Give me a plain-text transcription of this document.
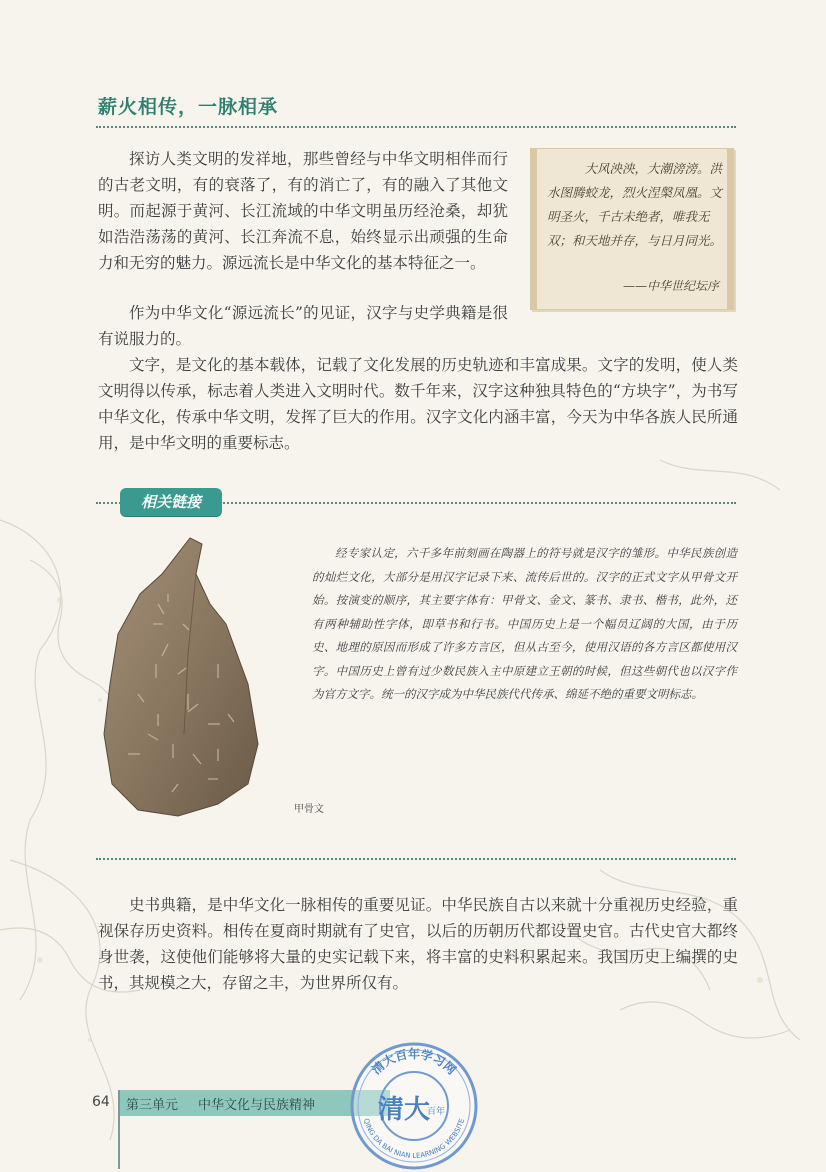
薪火相传，一脉相承

探访人类文明的发祥地，那些曾经与中华文明相伴而行的古老文明，有的衰落了，有的消亡了，有的融入了其他文明。而起源于黄河、长江流域的中华文明虽历经沧桑，却犹如浩浩荡荡的黄河、长江奔流不息，始终显示出顽强的生命力和无穷的魅力。源远流长是中华文化的基本特征之一。

作为中华文化“源远流长”的见证，汉字与史学典籍是很有说服力的。

大风泱泱，大潮滂滂。洪水图腾蛟龙，烈火涅槃凤凰。文明圣火，千古未绝者，唯我无双；和天地并存，与日月同光。

——中华世纪坛序

文字，是文化的基本载体，记载了文化发展的历史轨迹和丰富成果。文字的发明，使人类文明得以传承，标志着人类进入文明时代。数千年来，汉字这种独具特色的“方块字”，为书写中华文化，传承中华文明，发挥了巨大的作用。汉字文化内涵丰富，今天为中华各族人民所通用，是中华文明的重要标志。

相关链接

经专家认定，六千多年前刻画在陶器上的符号就是汉字的雏形。中华民族创造的灿烂文化，大部分是用汉字记录下来、流传后世的。汉字的正式文字从甲骨文开始。按演变的顺序，其主要字体有：甲骨文、金文、篆书、隶书、楷书，此外，还有两种辅助性字体，即草书和行书。中国历史上是一个幅员辽阔的大国，由于历史、地理的原因而形成了许多方言区，但从古至今，使用汉语的各方言区都使用汉字。中国历史上曾有过少数民族入主中原建立王朝的时候，但这些朝代也以汉字作为官方文字。统一的汉字成为中华民族代代传承、绵延不绝的重要文明标志。

甲骨文

史书典籍，是中华文化一脉相传的重要见证。中华民族自古以来就十分重视历史经验，重视保存历史资料。相传在夏商时期就有了史官，以后的历朝历代都设置史官。古代史官大都终身世袭，这使他们能够将大量的史实记载下来，将丰富的史料积累起来。我国历史上编撰的史书，其规模之大，存留之丰，为世界所仅有。

64 第三单元 中华文化与民族精神
清大百年学习网
QING DA BAI NIAN LEARNING WEBSITE
清大
百年
